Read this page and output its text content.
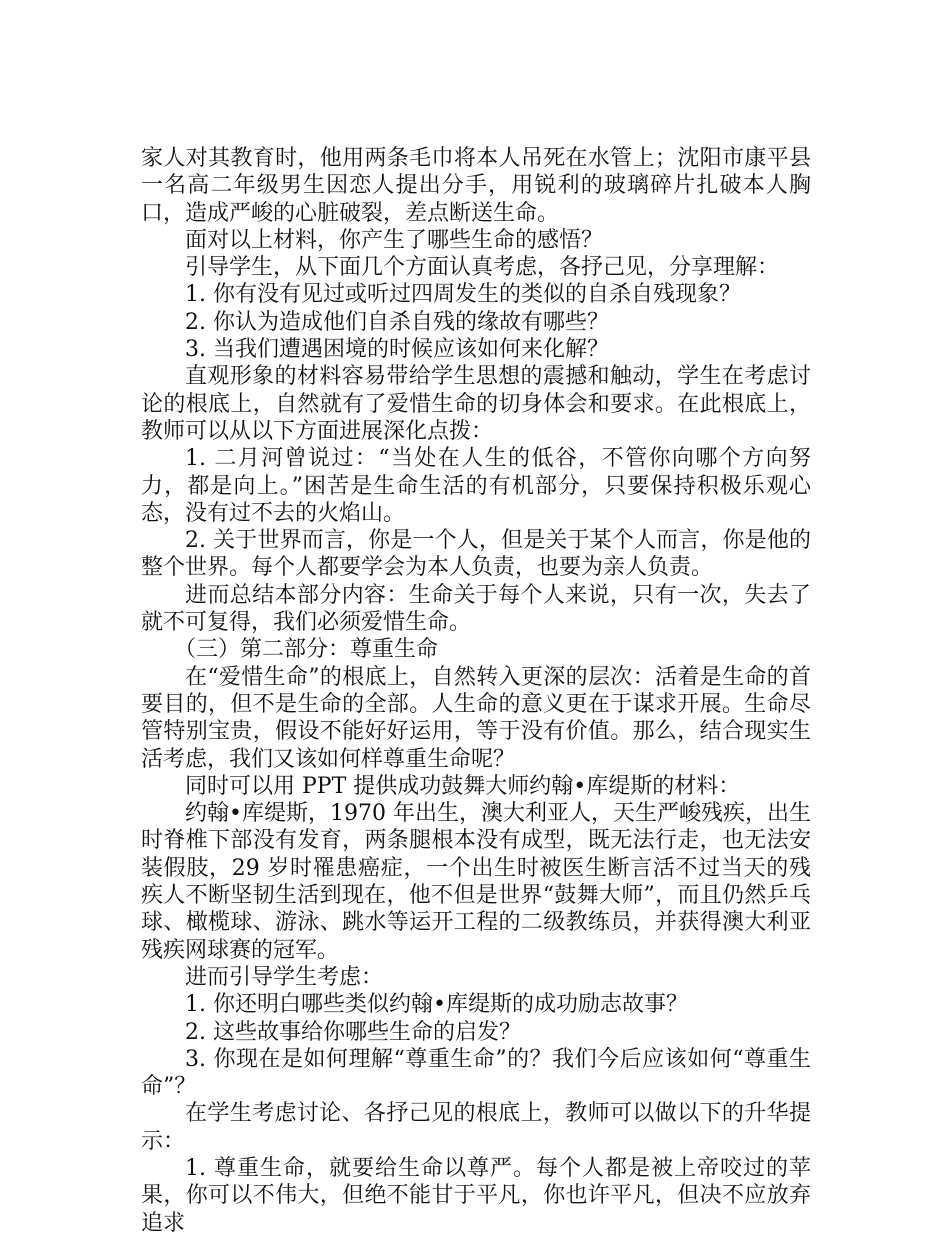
家人对其教育时，他用两条毛巾将本人吊死在水管上；沈阳市康平县一名高二年级男生因恋人提出分手，用锐利的玻璃碎片扎破本人胸口，造成严峻的心脏破裂，差点断送生命。

面对以上材料，你产生了哪些生命的感悟？

引导学生，从下面几个方面认真考虑，各抒己见，分享理解：

1. 你有没有见过或听过四周发生的类似的自杀自残现象？

2. 你认为造成他们自杀自残的缘故有哪些？

3. 当我们遭遇困境的时候应该如何来化解？

直观形象的材料容易带给学生思想的震撼和触动，学生在考虑讨论的根底上，自然就有了爱惜生命的切身体会和要求。在此根底上，教师可以从以下方面进展深化点拨：

1. 二月河曾说过：“当处在人生的低谷，不管你向哪个方向努力，都是向上。”困苦是生命生活的有机部分，只要保持积极乐观心态，没有过不去的火焰山。

2. 关于世界而言，你是一个人，但是关于某个人而言，你是他的整个世界。每个人都要学会为本人负责，也要为亲人负责。

进而总结本部分内容：生命关于每个人来说，只有一次，失去了就不可复得，我们必须爱惜生命。

（三）第二部分：尊重生命

在“爱惜生命”的根底上，自然转入更深的层次：活着是生命的首要目的，但不是生命的全部。人生命的意义更在于谋求开展。生命尽管特别宝贵，假设不能好好运用，等于没有价值。那么，结合现实生活考虑，我们又该如何样尊重生命呢？

同时可以用 PPT 提供成功鼓舞大师约翰•库缇斯的材料：

约翰•库缇斯，1970 年出生，澳大利亚人，天生严峻残疾，出生时脊椎下部没有发育，两条腿根本没有成型，既无法行走，也无法安装假肢，29 岁时罹患癌症，一个出生时被医生断言活不过当天的残疾人不断坚韧生活到现在，他不但是世界“鼓舞大师”，而且仍然乒乓球、橄榄球、游泳、跳水等运开工程的二级教练员，并获得澳大利亚残疾网球赛的冠军。

进而引导学生考虑：

1. 你还明白哪些类似约翰•库缇斯的成功励志故事？

2. 这些故事给你哪些生命的启发？

3. 你现在是如何理解“尊重生命”的？我们今后应该如何“尊重生命”？

在学生考虑讨论、各抒己见的根底上，教师可以做以下的升华提示：

1. 尊重生命，就要给生命以尊严。每个人都是被上帝咬过的苹果，你可以不伟大，但绝不能甘于平凡，你也许平凡，但决不应放弃追求
